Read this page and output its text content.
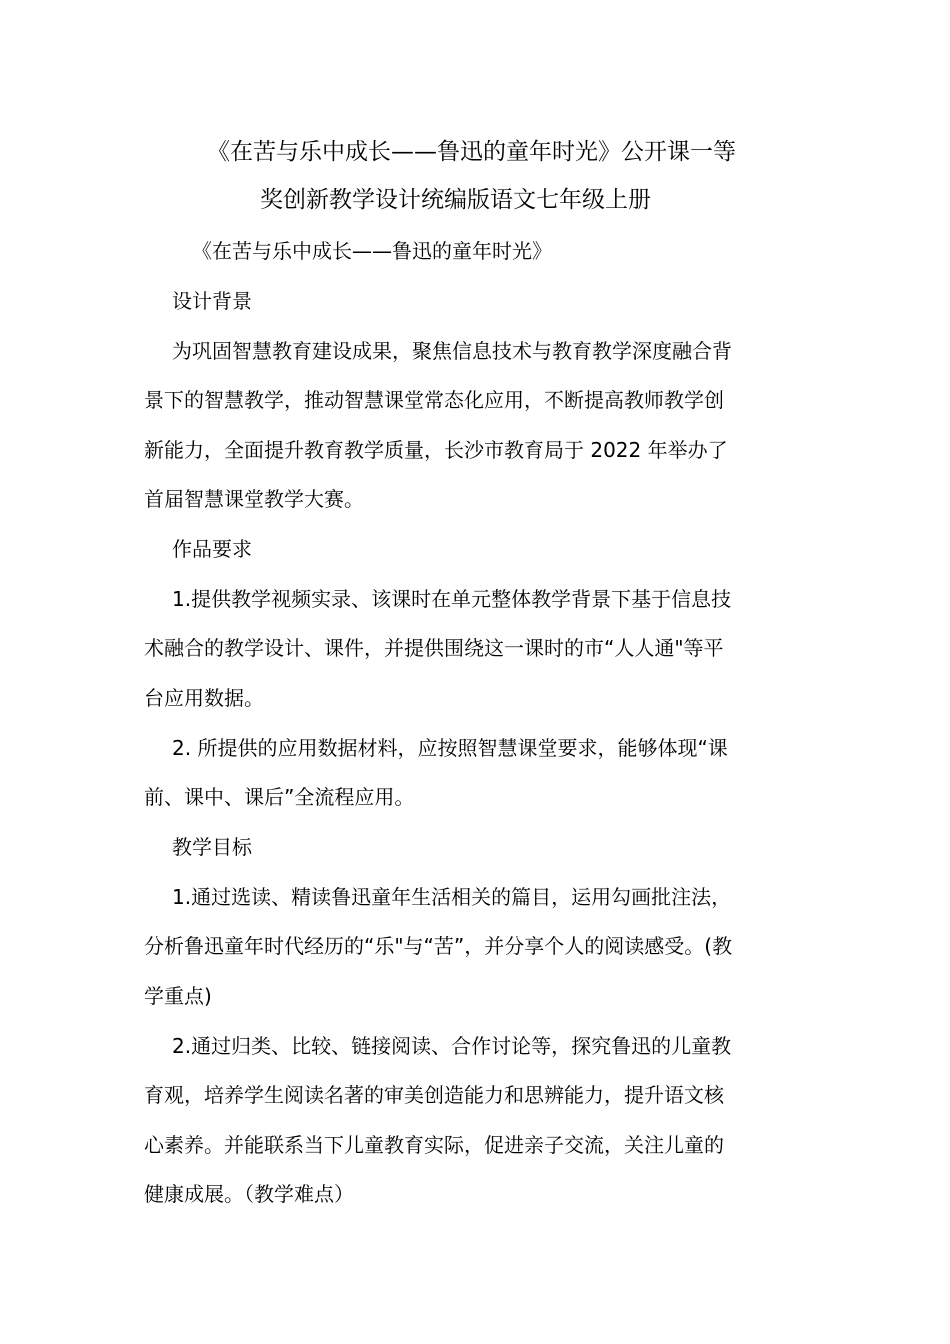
《在苦与乐中成长——鲁迅的童年时光》公开课一等
奖创新教学设计统编版语文七年级上册
《在苦与乐中成长——鲁迅的童年时光》
设计背景
为巩固智慧教育建设成果，聚焦信息技术与教育教学深度融合背
景下的智慧教学，推动智慧课堂常态化应用，不断提高教师教学创
新能力，全面提升教育教学质量，长沙市教育局于 2022 年举办了
首届智慧课堂教学大赛。
作品要求
1.提供教学视频实录、该课时在单元整体教学背景下基于信息技
术融合的教学设计、课件，并提供围绕这一课时的市“人人通"等平
台应用数据。
2. 所提供的应用数据材料，应按照智慧课堂要求，能够体现“课
前、课中、课后”全流程应用。
教学目标
1.通过选读、精读鲁迅童年生活相关的篇目，运用勾画批注法，
分析鲁迅童年时代经历的“乐"与“苦”，并分享个人的阅读感受。(教
学重点)
2.通过归类、比较、链接阅读、合作讨论等，探究鲁迅的儿童教
育观，培养学生阅读名著的审美创造能力和思辨能力，提升语文核
心素养。并能联系当下儿童教育实际，促进亲子交流，关注儿童的
健康成展。（教学难点）
